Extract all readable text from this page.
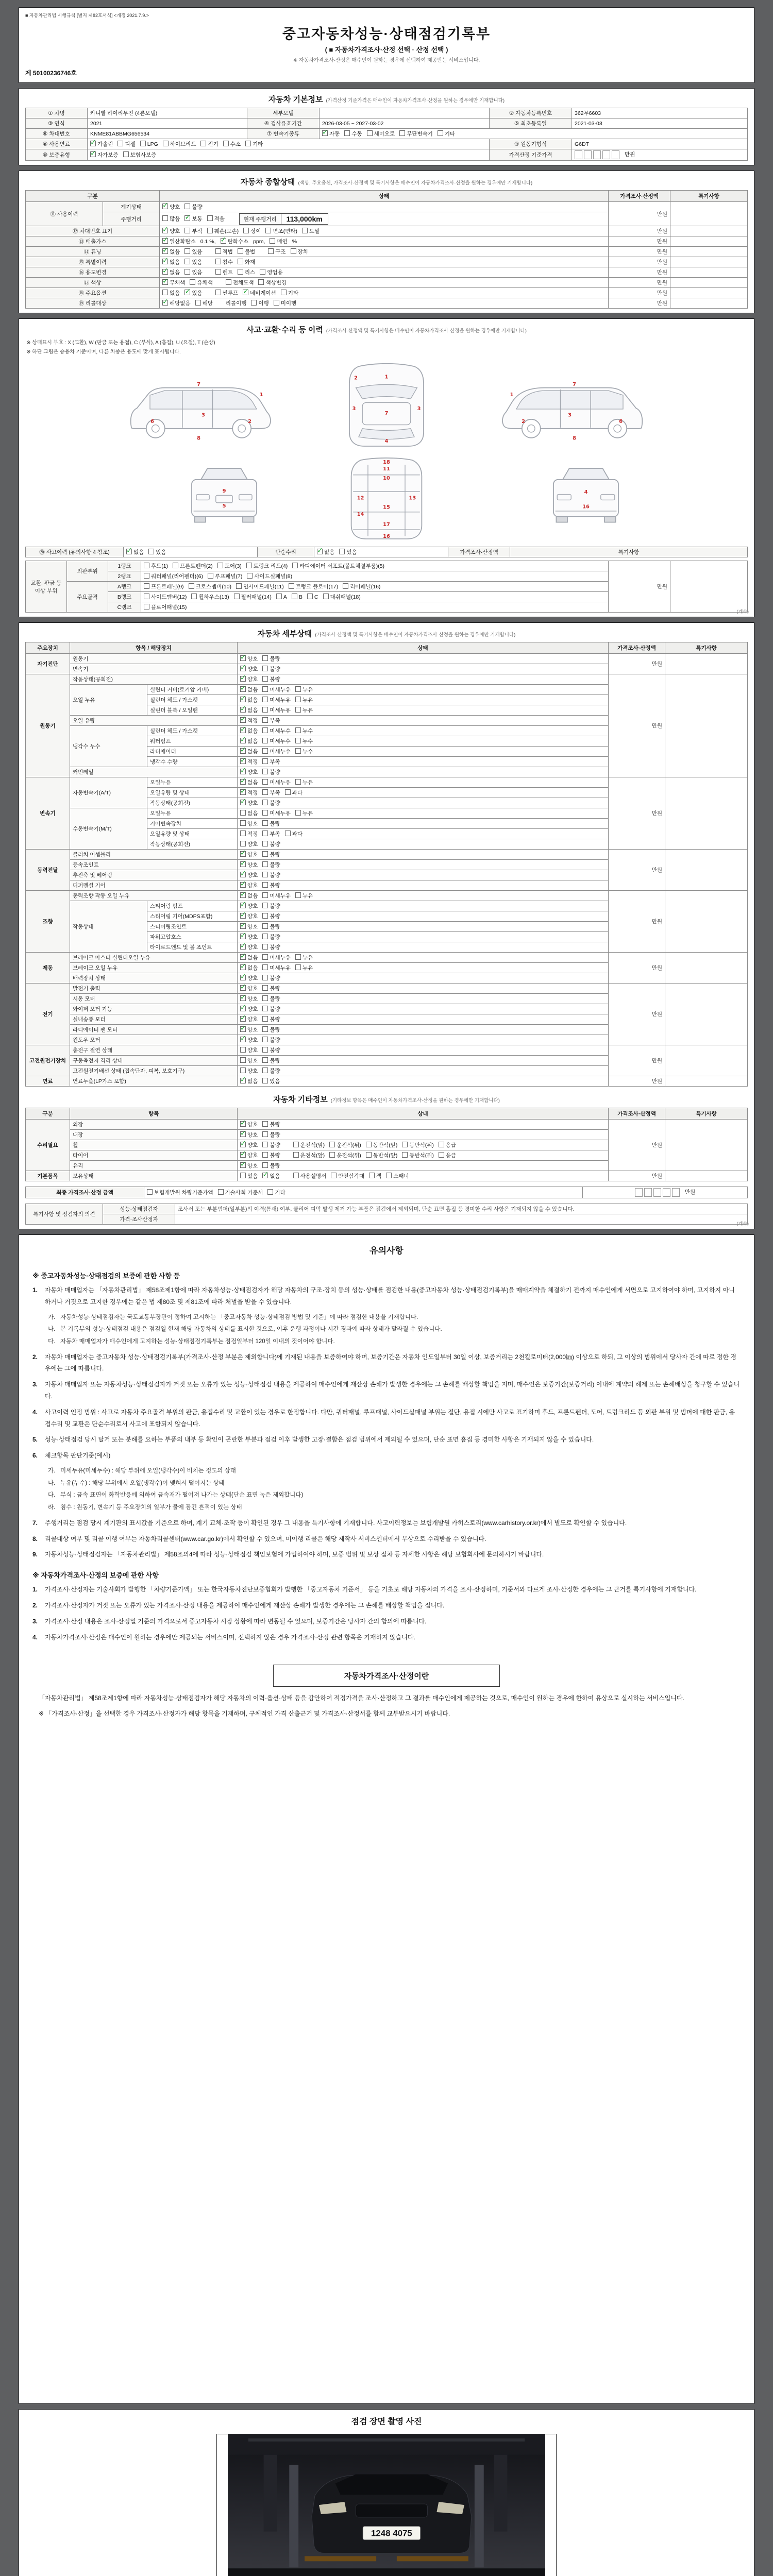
■ 자동차관리법 시행규칙 [별지 제82호서식] <개정 2021.7.9.>
중고자동차성능·상태점검기록부
( ■ 자동차가격조사·산정 선택 · 산정 선택 )
※ 자동차가격조사·산정은 매수인이 원하는 경우에 선택하여 제공받는 서비스입니다.
제 50100236746호
자동차 기본정보 (가격산정 기준가격은 매수인이 자동차가격조사·산정을 원하는 경우에만 기재합니다)
① 차명	카니발 하이리무진 (4륜모델)	세부모델		② 자동차등록번호	362무6603
③ 연식	2021	④ 검사유효기간	2026-03-05 ~ 2027-03-02	⑤ 최초등록일	2021-03-03
⑥ 차대번호	KNME81ABBMG656534	⑦ 변속기종류	✓자동 수동 세미오토 무단변속기 기타
⑧ 사용연료	✓가솔린 디젤 LPG 하이브리드 전기 수소 기타			⑨ 원동기형식	G6DT
⑩ 보증유형	✓자가보증 보험사보증			가격산정 기준가격	만원
자동차 종합상태 (색상, 주요옵션, 가격조사·산정액 및 특기사항은 매수인이 자동차가격조사·산정을 원하는 경우에만 기재합니다)
구분		상태	가격조사·산정액	특기사항
⑪ 사용이력	계기상태	✓양호 불량	만원	
	주행거리	많음 ✓ 보통 적음 현재 주행거리 113,000km

⑫ 차대번호 표기	✓양호 부식 훼손(오손) 상이 변조(변타) 도말	만원	
⑬ 배출가스	✓일산화탄소 0.1 %, ✓ 탄화수소 ppm, 매연 %	만원	
⑭ 튜닝	✓없음 있음 적법 불법 구조 장치	만원	
⑮ 특별이력	✓없음 있음 침수 화재	만원	
⑯ 용도변경	✓없음 있음 렌트 리스 영업용	만원	
⑰ 색상	✓무채색 유채색 전체도색 색상변경	만원	
⑱ 주요옵션		없음 ✓ 있음 썬루프 ✓ 네비게이션 기타	만원	
⑲ 리콜대상	✓해당없음 해당 리콜이행 이행 미이행	만원	
사고·교환·수리 등 이력 (가격조사·산정액 및 특기사항은 매수인이 자동차가격조사·산정을 원하는 경우에만 기재합니다)
※ 상태표시 부호 : X (교환), W (판금 또는 용접), C (부식), A (흠집), U (요철), T (손상)
※ 하단 그림은 승용차 기준이며, 다른 차종은 용도에 맞게 표시됩니다.
1
2
3
6
7
8
1
2
3
6
7
8
1
2
3	3
7
4
9
5
18
11
10
12	13
14
15
17
16
4
16
⑳ 사고이력 (유의사항 4 참조)	✓없음 있음	단순수리	✓없음 있음	가격조사·산정액	특기사항
교환, 판금 등 이상 부위	외판부위	1랭크	후드(1) 프론트펜더(2) 도어(3) 트렁크 리드(4) 라디에이터 서포트(볼트체결부품)(5)	만원	
		2랭크	쿼터패널(리어펜더)(6) 루프패널(7) 사이드실패널(8)		
	주요골격	A랭크	프론트패널(9) 크로스멤버(10) 인사이드패널(11) 트렁크 플로어(17) 리어패널(16)		
		B랭크	사이드멤버(12) 휠하우스(13) 필러패널(14) A B C 대쉬패널(18)		
		C랭크	플로어패널(15)		
(계속)
자동차 세부상태 (가격조사·산정액 및 특기사항은 매수인이 자동차가격조사·산정을 원하는 경우에만 기재합니다)
주요장치	항목 / 해당장치		상태	가격조사·산정액	특기사항
자기진단	원동기	✓양호 불량	만원	
	변속기	✓양호 불량
원동기	작동상태(공회전)	✓양호 불량	만원	
	오일 누유	실린더 커버(로커암 커버)	✓없음 미세누유 누유
		실린더 헤드 / 가스켓	✓없음 미세누유 누유
		실린더 블록 / 오일팬	✓없음 미세누유 누유
	오일 유량	✓적정 부족
	냉각수 누수	실린더 헤드 / 가스켓	✓없음 미세누수 누수
		워터펌프	✓없음 미세누수 누수
		라디에이터	✓없음 미세누수 누수
		냉각수 수량	✓적정 부족
	커먼레일	✓양호 불량
변속기	자동변속기(A/T)	오일누유	✓없음 미세누유 누유	만원	
		오일유량 및 상태	✓적정 부족 과다
		작동상태(공회전)	✓양호 불량
	수동변속기(M/T)	오일누유	없음 미세누유 누유		
		기어변속장치	양호 불량		
		오일유량 및 상태	적정 부족 과다		
		작동상태(공회전)	양호 불량		
동력전달	클러치 어셈블리	✓양호 불량	만원	
	등속조인트	✓양호 불량
	추진축 및 베어링	✓양호 불량
	디퍼렌셜 기어	✓양호 불량
조향	동력조향 작동 오일 누유	✓없음 미세누유 누유	만원	
	작동상태	스티어링 펌프	✓양호 불량
		스티어링 기어(MDPS포함)	✓양호 불량
		스티어링조인트	✓양호 불량
		파워고압호스	✓양호 불량
		타이로드엔드 및 볼 조인트	✓양호 불량
제동	브레이크 마스터 실린더오일 누유	✓없음 미세누유 누유	만원	
	브레이크 오일 누유	✓없음 미세누유 누유
	배력장치 상태	✓양호 불량
전기	발전기 출력	✓양호 불량	만원	
	시동 모터	✓양호 불량
	와이퍼 모터 기능	✓양호 불량
	실내송풍 모터	✓양호 불량
	라디에이터 팬 모터	✓양호 불량
	윈도우 모터	✓양호 불량
고전원전기장치	충전구 절연 상태		양호 불량	만원	
	구동축전지 격리 상태		양호 불량		
	고전원전기배선 상태 (접속단자, 피복, 보호기구)		양호 불량		
연료	연료누출(LP가스 포함)	✓없음 있음	만원	
자동차 기타정보 (기타정보 항목은 매수인이 자동차가격조사·산정을 원하는 경우에만 기재합니다)
구분	항목	상태	가격조사·산정액	특기사항
수리필요	외장	✓양호 불량	만원	
	내장	✓양호 불량
	휠	✓양호 불량 운전석(앞) 운전석(뒤) 동반석(앞) 동반석(뒤) 응급
	타이어	✓양호 불량 운전석(앞) 운전석(뒤) 동반석(앞) 동반석(뒤) 응급
	유리	✓양호 불량
기본품목	보유상태	있음 ✓ 없음 사용설명서 안전삼각대 잭 스패너	만원	
최종 가격조사·산정 금액	보험개발원 차량기준가액 기술사회 기준서 기타	만원
특기사항 및 점검자의 의견	성능·상태점검자	조사서 또는 부분범퍼(일부분)의 이격(틈새) 여부, 클리어 피막 발생 제거 가능 부품은 점검에서 제외되며, 단순 표면 흠집 등 경미한 수리 사항은 기재되지 않을 수 있습니다.
	가격·조사산정자	
(계속)
유의사항
※ 중고자동차성능·상태점검의 보증에 관한 사항 등
1.	자동차 매매업자는 「자동차관리법」 제58조제1항에 따라 자동차성능·상태점검자가 해당 자동차의 구조·장치 등의 성능·상태를 점검한 내용(중고자동차 성능·상태점검기록부)을 매매계약을 체결하기 전까지 매수인에게 서면으로 고지하여야 하며, 고지하지 아니하거나 거짓으로 고지한 경우에는 같은 법 제80조 및 제81조에 따라 처벌을 받을 수 있습니다.
가. 자동차성능·상태점검자는 국토교통부장관이 정하여 고시하는 「중고자동차 성능·상태점검 방법 및 기준」에 따라 점검한 내용을 기재합니다.
나. 본 기록부의 성능·상태점검 내용은 점검일 현재 해당 자동차의 상태를 표시한 것으로, 이후 운행 과정이나 시간 경과에 따라 상태가 달라질 수 있습니다.
다. 자동차 매매업자가 매수인에게 고지하는 성능·상태점검기록부는 점검일부터 120일 이내의 것이어야 합니다.
2.	자동차 매매업자는 중고자동차 성능·상태점검기록부(가격조사·산정 부분은 제외합니다)에 기재된 내용을 보증하여야 하며, 보증기간은 자동차 인도일부터 30일 이상, 보증거리는 2천킬로미터(2,000㎞) 이상으로 하되, 그 이상의 범위에서 당사자 간에 따로 정한 경우에는 그에 따릅니다.
3.	자동차 매매업자 또는 자동차성능·상태점검자가 거짓 또는 오류가 있는 성능·상태점검 내용을 제공하여 매수인에게 재산상 손해가 발생한 경우에는 그 손해를 배상할 책임을 지며, 매수인은 보증기간(보증거리) 이내에 계약의 해제 또는 손해배상을 청구할 수 있습니다.
4.	사고이력 인정 범위 : 사고로 자동차 주요골격 부위의 판금, 용접수리 및 교환이 있는 경우로 한정합니다. 다만, 쿼터패널, 루프패널, 사이드실패널 부위는 절단, 용접 시에만 사고로 표기하며 후드, 프론트펜더, 도어, 트렁크리드 등 외판 부위 및 범퍼에 대한 판금, 용접수리 및 교환은 단순수리로서 사고에 포함되지 않습니다.
5.	성능·상태점검 당시 탈거 또는 분해를 요하는 부품의 내부 등 확인이 곤란한 부분과 점검 이후 발생한 고장·결함은 점검 범위에서 제외될 수 있으며, 단순 표면 흠집 등 경미한 사항은 기재되지 않을 수 있습니다.
6.	체크항목 판단기준(예시)
가. 미세누유(미세누수) : 해당 부위에 오일(냉각수)이 비치는 정도의 상태
나. 누유(누수) : 해당 부위에서 오일(냉각수)이 맺혀서 떨어지는 상태
다. 부식 : 금속 표면이 화학반응에 의하여 금속재가 떨어져 나가는 상태(단순 표면 녹은 제외합니다)
라. 침수 : 원동기, 변속기 등 주요장치의 일부가 물에 잠긴 흔적이 있는 상태
7.	주행거리는 점검 당시 계기판의 표시값을 기준으로 하며, 계기 교체·조작 등이 확인된 경우 그 내용을 특기사항에 기재합니다. 사고이력정보는 보험개발원 카히스토리(www.carhistory.or.kr)에서 별도로 확인할 수 있습니다.
8.	리콜대상 여부 및 리콜 이행 여부는 자동차리콜센터(www.car.go.kr)에서 확인할 수 있으며, 미이행 리콜은 해당 제작사 서비스센터에서 무상으로 수리받을 수 있습니다.
9.	자동차성능·상태점검자는 「자동차관리법」 제58조의4에 따라 성능·상태점검 책임보험에 가입하여야 하며, 보증 범위 및 보상 절차 등 자세한 사항은 해당 보험회사에 문의하시기 바랍니다.
※ 자동차가격조사·산정의 보증에 관한 사항
1.	가격조사·산정자는 기술사회가 발행한 「차량기준가액」 또는 한국자동차진단보증협회가 발행한 「중고자동차 기준서」 등을 기초로 해당 자동차의 가격을 조사·산정하며, 기준서와 다르게 조사·산정한 경우에는 그 근거를 특기사항에 기재합니다.
2.	가격조사·산정자가 거짓 또는 오류가 있는 가격조사·산정 내용을 제공하여 매수인에게 재산상 손해가 발생한 경우에는 그 손해를 배상할 책임을 집니다.
3.	가격조사·산정 내용은 조사·산정일 기준의 가격으로서 중고자동차 시장 상황에 따라 변동될 수 있으며, 보증기간은 당사자 간의 합의에 따릅니다.
4.	자동차가격조사·산정은 매수인이 원하는 경우에만 제공되는 서비스이며, 선택하지 않은 경우 가격조사·산정 관련 항목은 기재하지 않습니다.
자동차가격조사·산정이란
「자동차관리법」 제58조제1항에 따라 자동차성능·상태점검자가 해당 자동차의 이력·옵션·상태 등을 감안하여 적정가격을 조사·산정하고 그 결과를 매수인에게 제공하는 것으로, 매수인이 원하는 경우에 한하여 유상으로 실시하는 서비스입니다.
※ 「가격조사·산정」을 선택한 경우 가격조사·산정자가 해당 항목을 기재하며, 구체적인 가격 산출근거 및 가격조사·산정서를 함께 교부받으시기 바랍니다.
점검 장면 촬영 사진
1248 4075
